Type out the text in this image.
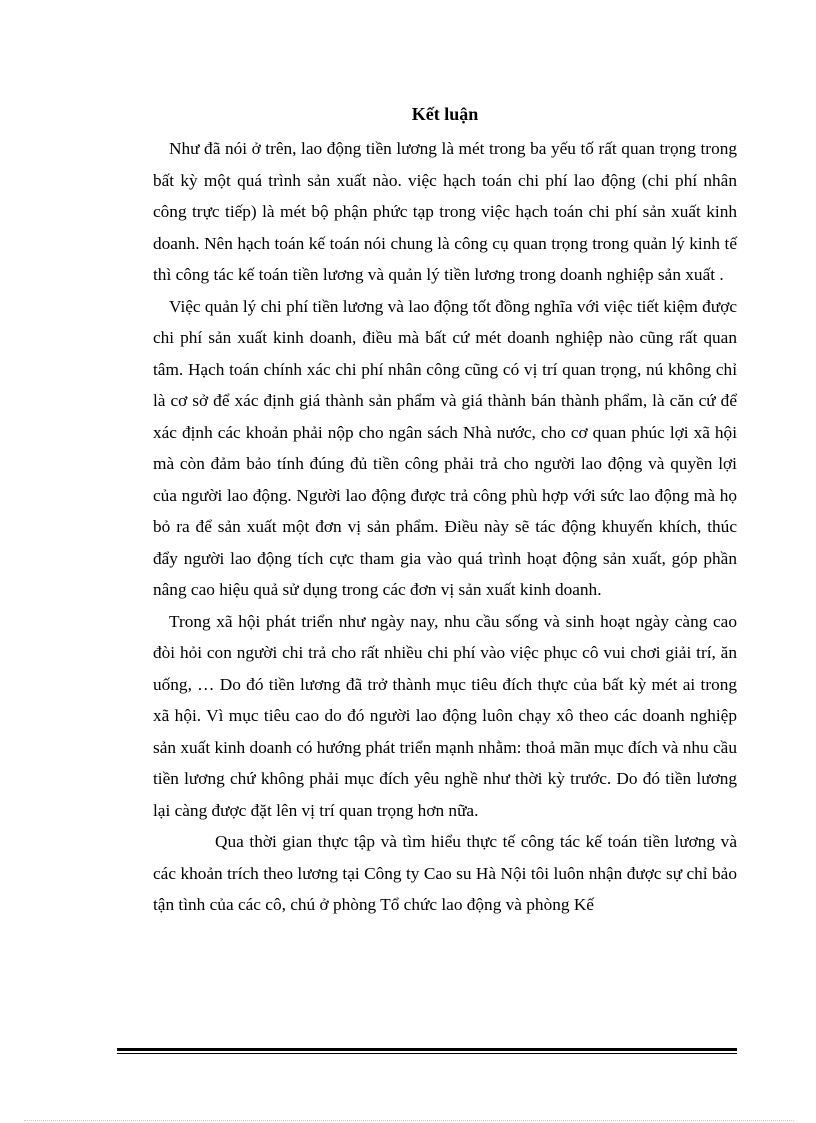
Kết luận

Như đã nói ở trên, lao động tiền lương là mét trong ba yếu tố rất quan trọng trong bất kỳ một quá trình sản xuất nào. việc hạch toán chi phí lao động (chi phí nhân công trực tiếp) là mét bộ phận phức tạp trong việc hạch toán chi phí sản xuất kinh doanh. Nên hạch toán kế toán nói chung là công cụ quan trọng trong quản lý kinh tế thì công tác kế toán tiền lương và quản lý tiền lương trong doanh nghiệp sản xuất .

Việc quản lý chi phí tiền lương và lao động tốt đồng nghĩa với việc tiết kiệm được chi phí sản xuất kinh doanh, điều mà bất cứ mét doanh nghiệp nào cũng rất quan tâm. Hạch toán chính xác chi phí nhân công cũng có vị trí quan trọng, nú không chỉ là cơ sở để xác định giá thành sản phẩm và giá thành bán thành phẩm, là căn cứ để xác định các khoản phải nộp cho ngân sách Nhà nước, cho cơ quan phúc lợi xã hội mà còn đảm bảo tính đúng đủ tiền công phải trả cho người lao động và quyền lợi của người lao động. Người lao động được trả công phù hợp với sức lao động mà họ bỏ ra để sản xuất một đơn vị sản phẩm. Điều này sẽ tác động khuyến khích, thúc đẩy người lao động tích cực tham gia vào quá trình hoạt động sản xuất, góp phần nâng cao hiệu quả sử dụng trong các đơn vị sản xuất kinh doanh.

Trong xã hội phát triển như ngày nay, nhu cầu sống và sinh hoạt ngày càng cao đòi hỏi con người chi trả cho rất nhiều chi phí vào việc phục cô vui chơi giải trí, ăn uống, … Do đó tiền lương đã trở thành mục tiêu đích thực của bất kỳ mét ai trong xã hội. Vì mục tiêu cao do đó người lao động luôn chạy xô theo các doanh nghiệp sản xuất kinh doanh có hướng phát triển mạnh nhằm: thoả mãn mục đích và nhu cầu tiền lương chứ không phải mục đích yêu nghề như thời kỳ trước. Do đó tiền lương lại càng được đặt lên vị trí quan trọng hơn nữa.

Qua thời gian thực tập và tìm hiểu thực tế công tác kế toán tiền lương và các khoản trích theo lương tại Công ty Cao su Hà Nội tôi luôn nhận được sự chỉ bảo tận tình của các cô, chú ở phòng Tổ chức lao động và phòng Kế
